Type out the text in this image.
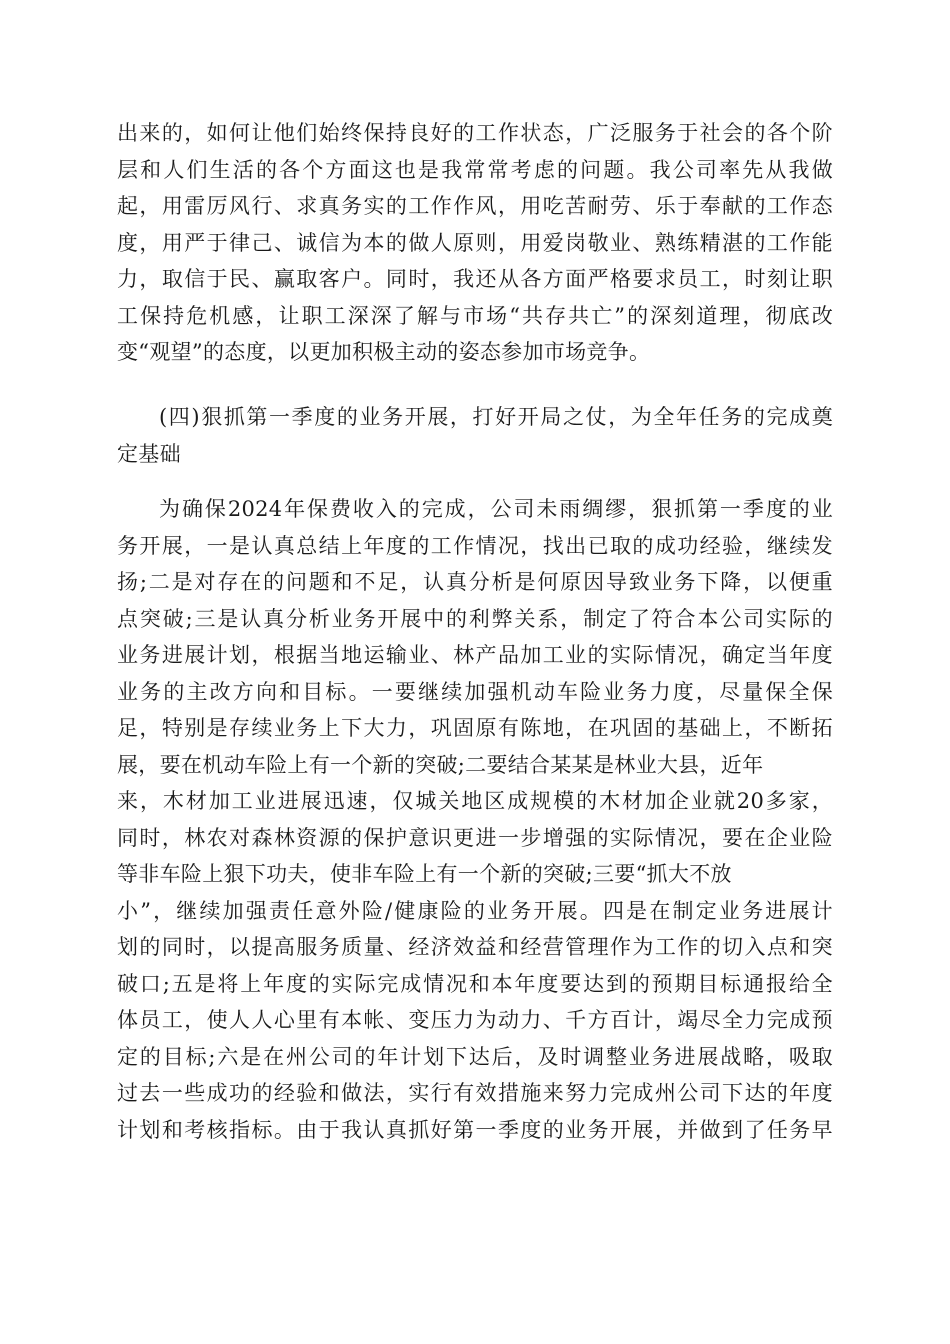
出来的，如何让他们始终保持良好的工作状态，广泛服务于社会的各个阶
层和人们生活的各个方面这也是我常常考虑的问题。我公司率先从我做
起，用雷厉风行、求真务实的工作作风，用吃苦耐劳、乐于奉献的工作态
度，用严于律己、诚信为本的做人原则，用爱岗敬业、熟练精湛的工作能
力，取信于民、赢取客户。同时，我还从各方面严格要求员工，时刻让职
工保持危机感，让职工深深了解与市场“共存共亡”的深刻道理，彻底改
变“观望”的态度，以更加积极主动的姿态参加市场竞争。
(四)狠抓第一季度的业务开展，打好开局之仗，为全年任务的完成奠
定基础
为确保2024年保费收入的完成，公司未雨绸缪，狠抓第一季度的业
务开展，一是认真总结上年度的工作情况，找出已取的成功经验，继续发
扬;二是对存在的问题和不足，认真分析是何原因导致业务下降，以便重
点突破;三是认真分析业务开展中的利弊关系，制定了符合本公司实际的
业务进展计划，根据当地运输业、林产品加工业的实际情况，确定当年度
业务的主改方向和目标。一要继续加强机动车险业务力度，尽量保全保
足，特别是存续业务上下大力，巩固原有陈地，在巩固的基础上，不断拓
展，要在机动车险上有一个新的突破;二要结合某某是林业大县，近年
来，木材加工业进展迅速，仅城关地区成规模的木材加企业就20多家，
同时，林农对森林资源的保护意识更进一步增强的实际情况，要在企业险
等非车险上狠下功夫，使非车险上有一个新的突破;三要“抓大不放
小”，继续加强责任意外险/健康险的业务开展。四是在制定业务进展计
划的同时，以提高服务质量、经济效益和经营管理作为工作的切入点和突
破口;五是将上年度的实际完成情况和本年度要达到的预期目标通报给全
体员工，使人人心里有本帐、变压力为动力、千方百计，竭尽全力完成预
定的目标;六是在州公司的年计划下达后，及时调整业务进展战略，吸取
过去一些成功的经验和做法，实行有效措施来努力完成州公司下达的年度
计划和考核指标。由于我认真抓好第一季度的业务开展，并做到了任务早
